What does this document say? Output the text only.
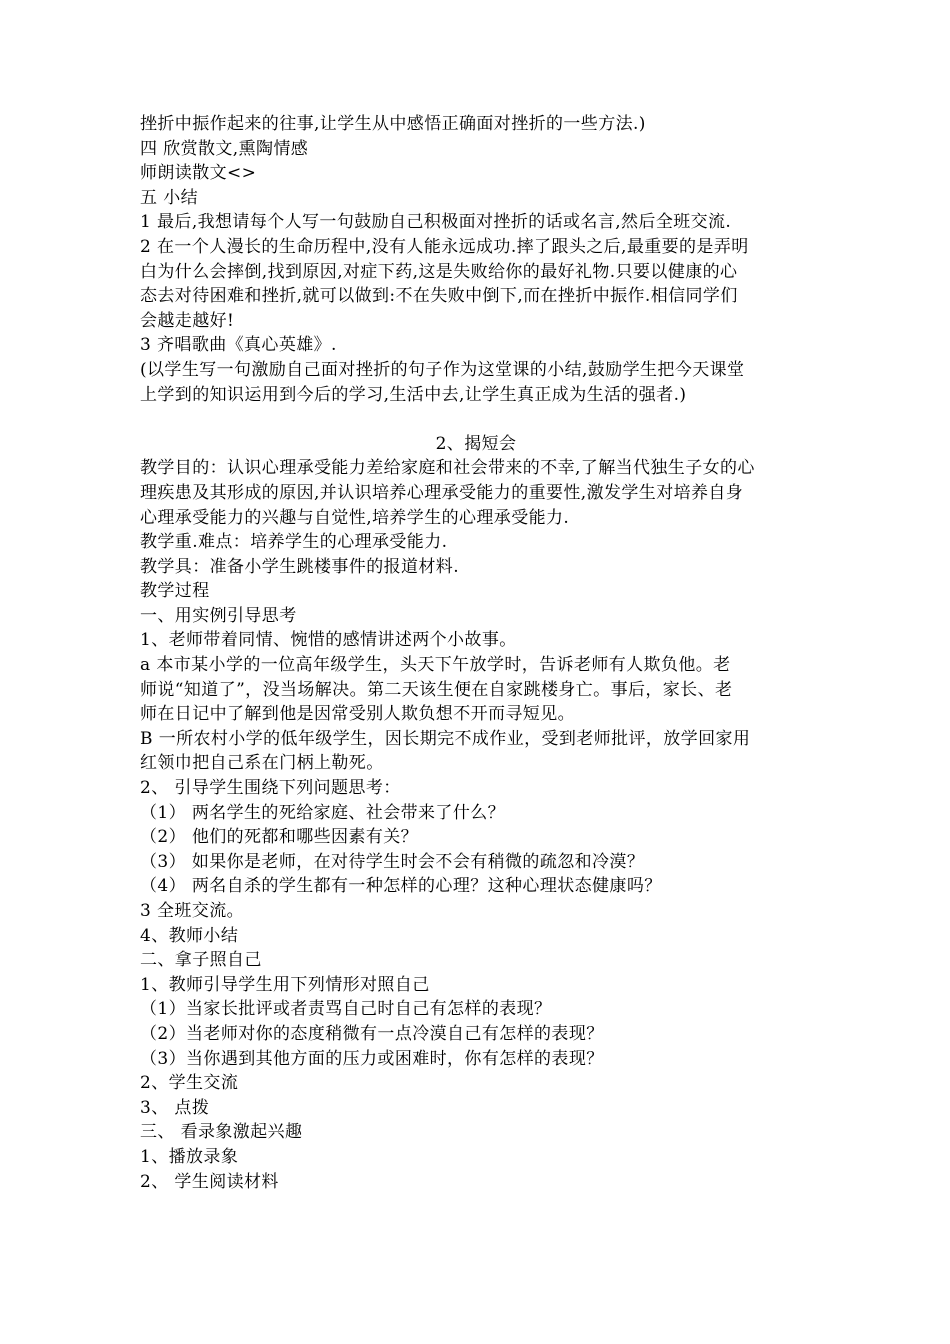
挫折中振作起来的往事,让学生从中感悟正确面对挫折的一些方法.)
四 欣赏散文,熏陶情感
师朗读散文<>
五 小结
1 最后,我想请每个人写一句鼓励自己积极面对挫折的话或名言,然后全班交流.
2 在一个人漫长的生命历程中,没有人能永远成功.摔了跟头之后,最重要的是弄明
白为什么会摔倒,找到原因,对症下药,这是失败给你的最好礼物.只要以健康的心
态去对待困难和挫折,就可以做到:不在失败中倒下,而在挫折中振作.相信同学们
会越走越好!
3 齐唱歌曲《真心英雄》.
(以学生写一句激励自己面对挫折的句子作为这堂课的小结,鼓励学生把今天课堂
上学到的知识运用到今后的学习,生活中去,让学生真正成为生活的强者.)
2、揭短会
教学目的：认识心理承受能力差给家庭和社会带来的不幸,了解当代独生子女的心
理疾患及其形成的原因,并认识培养心理承受能力的重要性,激发学生对培养自身
心理承受能力的兴趣与自觉性,培养学生的心理承受能力.
教学重.难点：培养学生的心理承受能力.
教学具：准备小学生跳楼事件的报道材料.
教学过程
一、用实例引导思考
1、老师带着同情、惋惜的感情讲述两个小故事。
a 本市某小学的一位高年级学生，头天下午放学时，告诉老师有人欺负他。老
师说“知道了”，没当场解决。第二天该生便在自家跳楼身亡。事后，家长、老
师在日记中了解到他是因常受别人欺负想不开而寻短见。
B 一所农村小学的低年级学生，因长期完不成作业，受到老师批评，放学回家用
红领巾把自己系在门柄上勒死。
2、 引导学生围绕下列问题思考：
（1） 两名学生的死给家庭、社会带来了什么？
（2） 他们的死都和哪些因素有关？
（3） 如果你是老师，在对待学生时会不会有稍微的疏忽和冷漠？
（4） 两名自杀的学生都有一种怎样的心理？这种心理状态健康吗？
3 全班交流。
4、教师小结
二、拿子照自己
1、教师引导学生用下列情形对照自己
（1）当家长批评或者责骂自己时自己有怎样的表现？
（2）当老师对你的态度稍微有一点冷漠自己有怎样的表现？
（3）当你遇到其他方面的压力或困难时，你有怎样的表现？
2、学生交流
3、 点拨
三、 看录象激起兴趣
1、播放录象
2、 学生阅读材料
